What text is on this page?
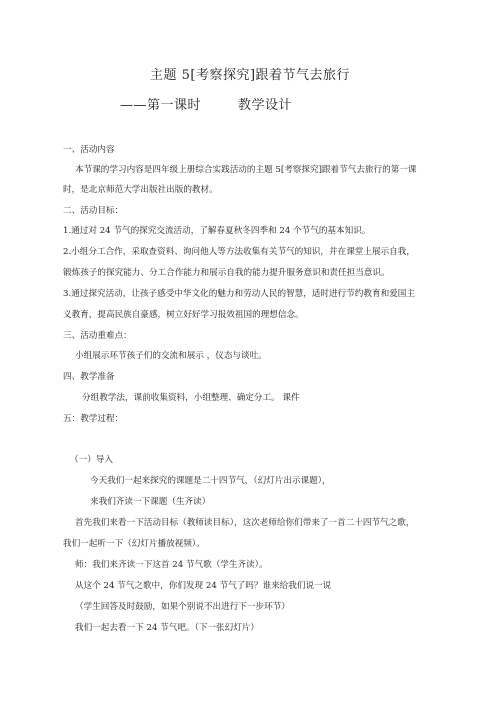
主题 5[考察探究]跟着节气去旅行
——第一课时        教学设计
一、活动内容
本节课的学习内容是四年级上册综合实践活动的主题 5[考察探究]跟着节气去旅行的第一课
时，是北京师范大学出版社出版的教材。
二、活动目标：
1.通过对 24 节气的探究交流活动，了解春夏秋冬四季和 24 个节气的基本知识。
2.小组分工合作，采取查资料、询问他人等方法收集有关节气的知识，并在课堂上展示自我，
锻炼孩子的探究能力、分工合作能力和展示自我的能力提升服务意识和责任担当意识。
3.通过探究活动，让孩子感受中华文化的魅力和劳动人民的智慧，适时进行节约教育和爱国主
义教育，提高民族自豪感，树立好好学习报效祖国的理想信念。
三、活动重难点：
小组展示环节孩子们的交流和展示 ，仪态与谈吐。
四、教学准备
分组教学法，课前收集资料，小组整理、确定分工。 课件
五：教学过程：
（一）导入
今天我们一起来探究的课题是二十四节气，（幻灯片出示课题），
来我们齐读一下课题（生齐读）
首先我们来看一下活动目标（教师读目标），这次老师给你们带来了一首二十四节气之歌，
我们一起听一下（幻灯片播放视频）。
师：我们来齐读一下这首 24 节气歌（学生齐读）。
从这个 24 节气之歌中，你们发现 24 节气了吗？谁来给我们说一说
（学生回答及时鼓励，如果个别说不出进行下一步环节）
我们一起去看一下 24 节气吧。（下一张幻灯片）
